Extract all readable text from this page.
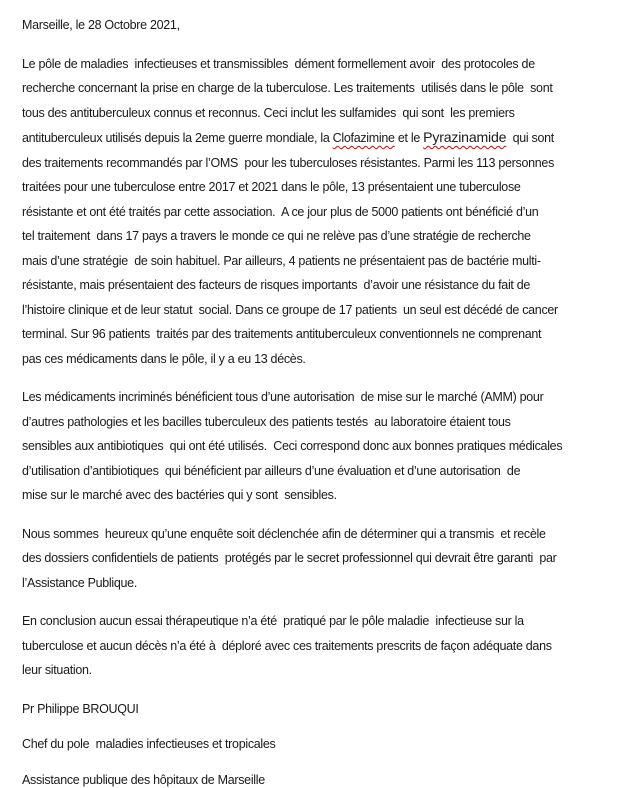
Marseille, le 28 Octobre 2021,

Le pôle de maladies  infectieuses et transmissibles  dément formellement avoir  des protocoles de
recherche concernant la prise en charge de la tuberculose. Les traitements  utilisés dans le pôle  sont
tous des antituberculeux connus et reconnus. Ceci inclut les sulfamides  qui sont  les premiers
antituberculeux utilisés depuis la 2eme guerre mondiale, la Clofazimine et le Pyrazinamide  qui sont
des traitements recommandés par l’OMS  pour les tuberculoses résistantes. Parmi les 113 personnes
traitées pour une tuberculose entre 2017 et 2021 dans le pôle, 13 présentaient une tuberculose
résistante et ont été traités par cette association.  A ce jour plus de 5000 patients ont bénéficié d’un
tel traitement  dans 17 pays a travers le monde ce qui ne relève pas d’une stratégie de recherche
mais d’une stratégie  de soin habituel. Par ailleurs, 4 patients ne présentaient pas de bactérie multi-
résistante, mais présentaient des facteurs de risques importants  d’avoir une résistance du fait de
l’histoire clinique et de leur statut  social. Dans ce groupe de 17 patients  un seul est décédé de cancer
terminal. Sur 96 patients  traités par des traitements antituberculeux conventionnels ne comprenant
pas ces médicaments dans le pôle, il y a eu 13 décès.

Les médicaments incriminés bénéficient tous d’une autorisation  de mise sur le marché (AMM) pour
d’autres pathologies et les bacilles tuberculeux des patients testés  au laboratoire étaient tous
sensibles aux antibiotiques  qui ont été utilisés.  Ceci correspond donc aux bonnes pratiques médicales
d’utilisation d’antibiotiques  qui bénéficient par ailleurs d’une évaluation et d’une autorisation  de
mise sur le marché avec des bactéries qui y sont  sensibles.

Nous sommes  heureux qu’une enquête soit déclenchée afin de déterminer qui a transmis  et recèle
des dossiers confidentiels de patients  protégés par le secret professionnel qui devrait être garanti  par
l’Assistance Publique.

En conclusion aucun essai thérapeutique n’a été  pratiqué par le pôle maladie  infectieuse sur la
tuberculose et aucun décès n’a été à  déploré avec ces traitements prescrits de façon adéquate dans
leur situation.

Pr Philippe BROUQUI

Chef du pole  maladies infectieuses et tropicales

Assistance publique des hôpitaux de Marseille
